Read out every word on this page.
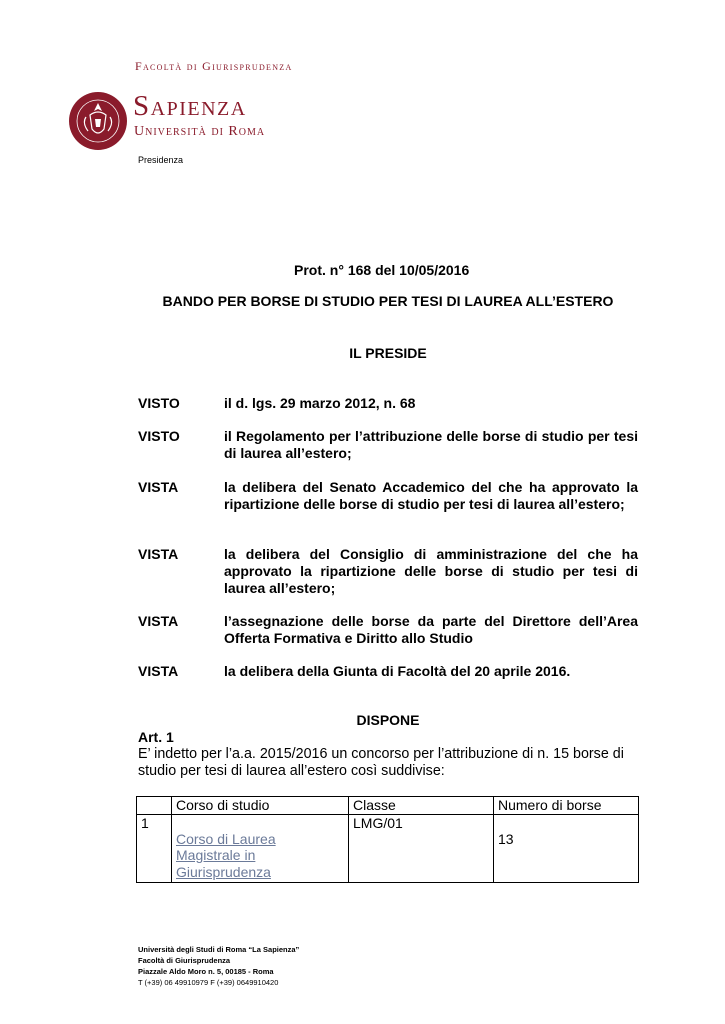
Facoltà di Giurisprudenza
Sapienza
Università di Roma
Presidenza
Prot. n° 168 del 10/05/2016
BANDO PER BORSE DI STUDIO PER TESI DI LAUREA ALL’ESTERO
IL PRESIDE
VISTO	il d. lgs. 29 marzo 2012, n. 68
VISTO	il Regolamento per l’attribuzione delle borse di studio per tesi di laurea all’estero;
VISTA	la delibera del Senato Accademico del che ha approvato la ripartizione delle borse di studio per tesi di laurea all’estero;
VISTA	la delibera del Consiglio di amministrazione del che ha approvato la ripartizione delle borse di studio per tesi di laurea all’estero;
VISTA	l’assegnazione delle borse da parte del Direttore dell’Area Offerta Formativa e Diritto allo Studio
VISTA	la delibera della Giunta di Facoltà del 20 aprile 2016.
DISPONE
Art. 1
E’ indetto per l’a.a. 2015/2016 un concorso per l’attribuzione di n. 15 borse di studio per tesi di laurea all’estero così suddivise:
	Corso di studio	Classe	Numero di borse
1	Corso di Laurea Magistrale in Giurisprudenza	LMG/01	13
Università degli Studi di Roma “La Sapienza”
Facoltà di Giurisprudenza
Piazzale Aldo Moro n. 5, 00185 - Roma
T (+39) 06 49910979 F (+39) 0649910420
